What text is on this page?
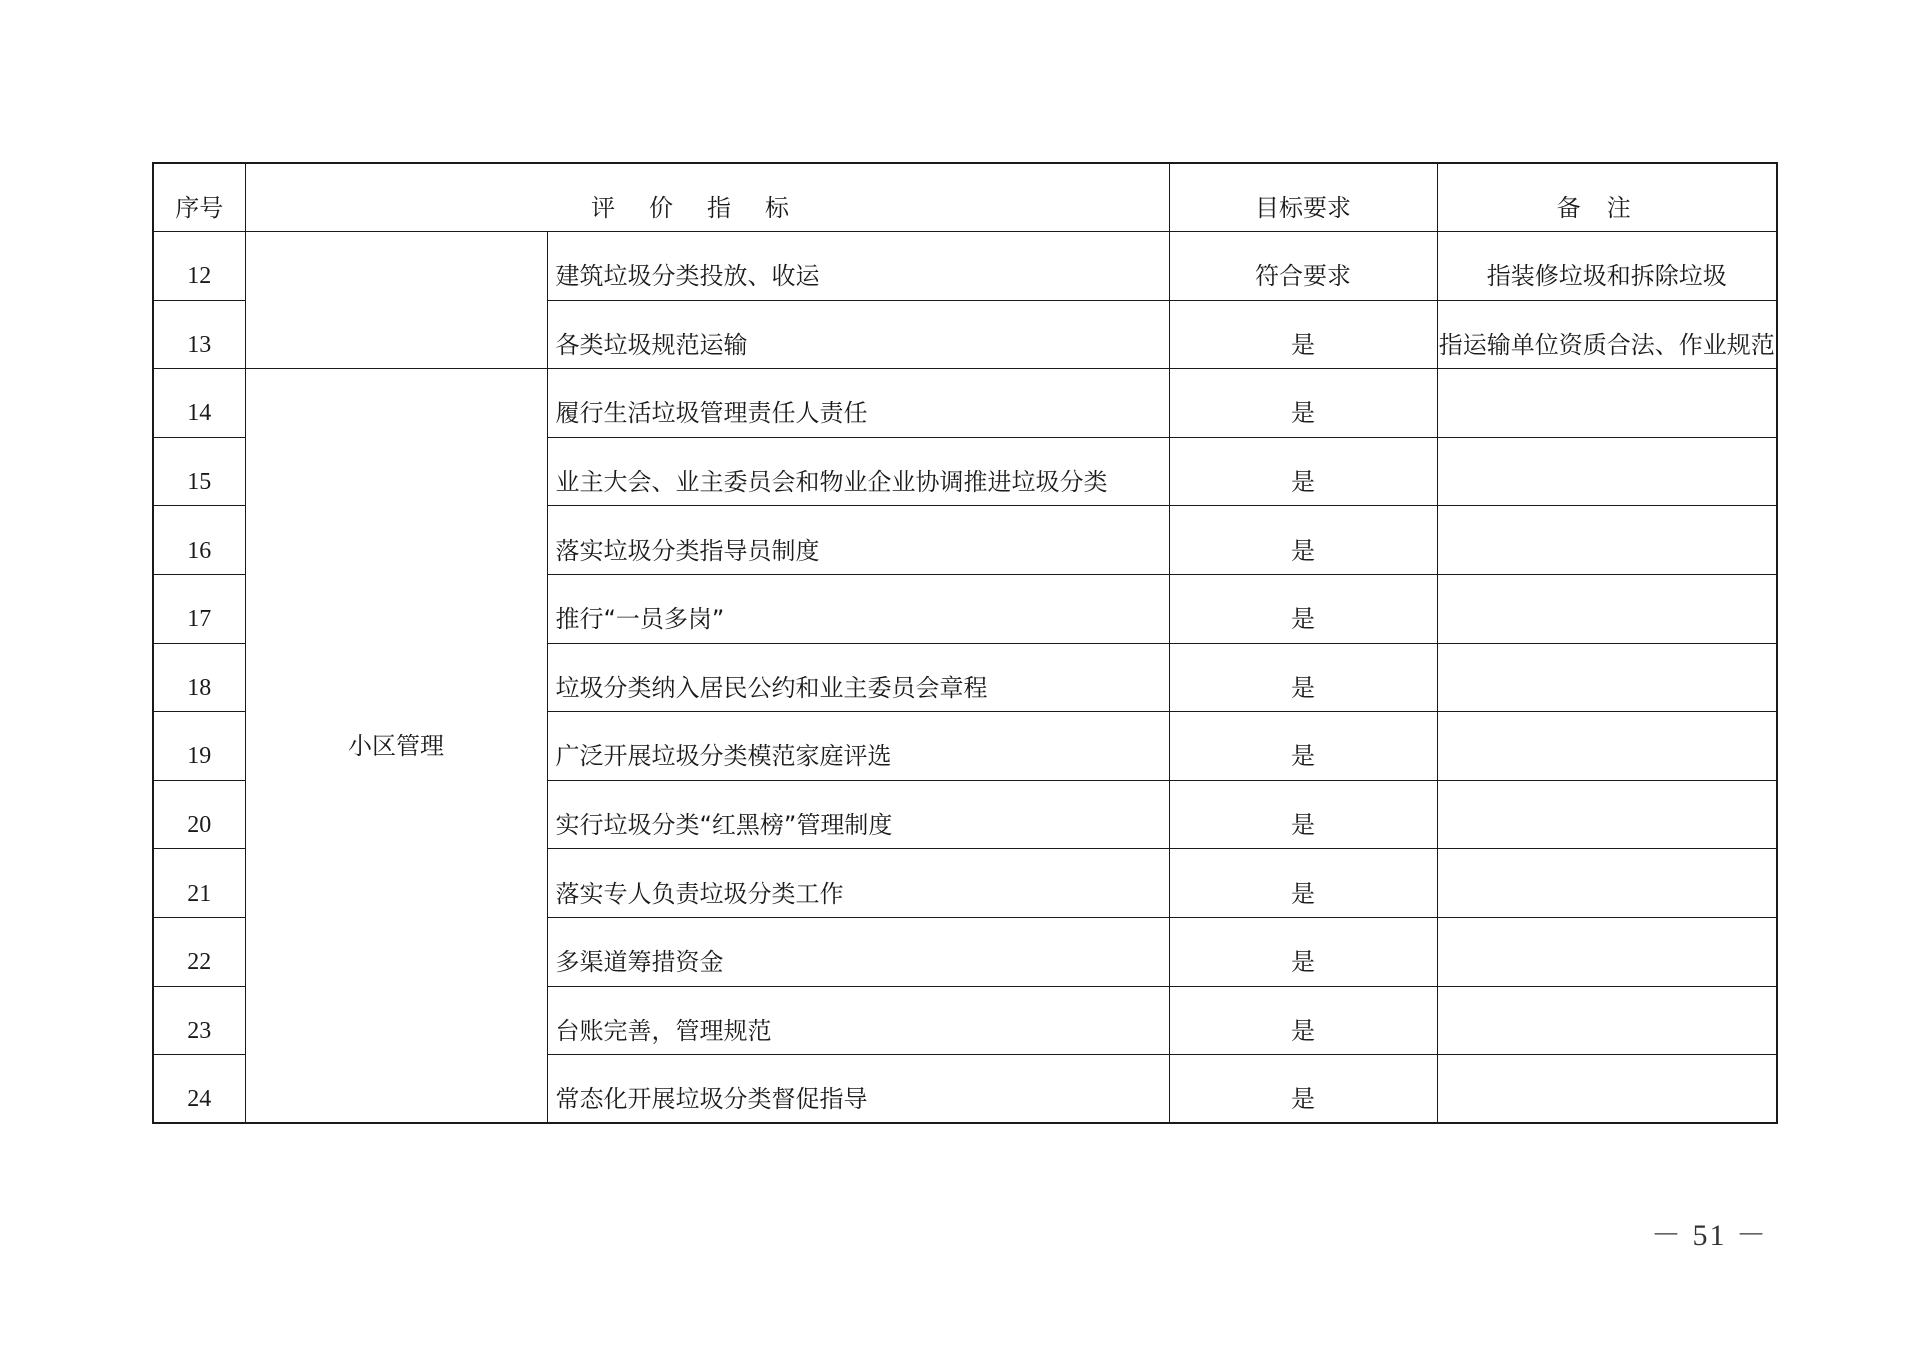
序号	评价指标		目标要求	备注
12		建筑垃圾分类投放、收运	符合要求	指装修垃圾和拆除垃圾
13		各类垃圾规范运输	是	指运输单位资质合法、作业规范
14	小区管理	履行生活垃圾管理责任人责任	是	
15		业主大会、业主委员会和物业企业协调推进垃圾分类	是	
16		落实垃圾分类指导员制度	是	
17		推行“一员多岗”	是	
18		垃圾分类纳入居民公约和业主委员会章程	是	
19		广泛开展垃圾分类模范家庭评选	是	
20		实行垃圾分类“红黑榜”管理制度	是	
21		落实专人负责垃圾分类工作	是	
22		多渠道筹措资金	是	
23		台账完善，管理规范	是	
24		常态化开展垃圾分类督促指导	是	
－ 51 －
